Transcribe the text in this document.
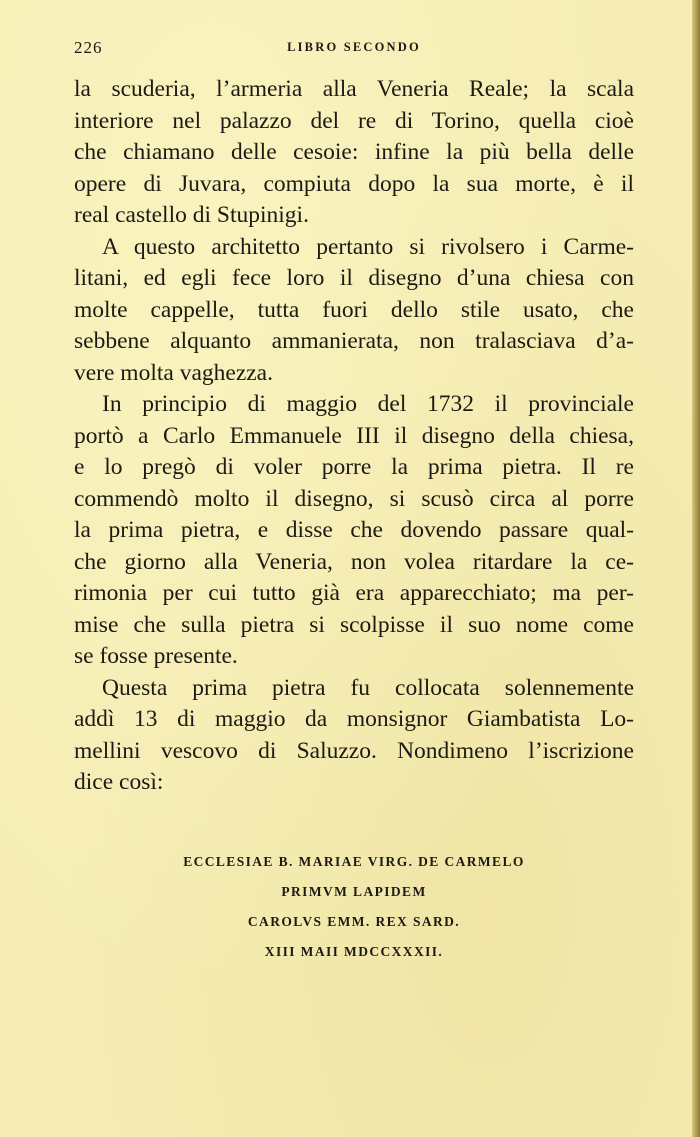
226	LIBRO SECONDO
la scuderia, l’armeria alla Veneria Reale; la scala
interiore nel palazzo del re di Torino, quella cioè
che chiamano delle cesoie: infine la più bella delle
opere di Juvara, compiuta dopo la sua morte, è il
real castello di Stupinigi.
A questo architetto pertanto si rivolsero i Carme-
litani, ed egli fece loro il disegno d’una chiesa con
molte cappelle, tutta fuori dello stile usato, che
sebbene alquanto ammanierata, non tralasciava d’a-
vere molta vaghezza.
In principio di maggio del 1732 il provinciale
portò a Carlo Emmanuele III il disegno della chiesa,
e lo pregò di voler porre la prima pietra. Il re
commendò molto il disegno, si scusò circa al porre
la prima pietra, e disse che dovendo passare qual-
che giorno alla Veneria, non volea ritardare la ce-
rimonia per cui tutto già era apparecchiato; ma per-
mise che sulla pietra si scolpisse il suo nome come
se fosse presente.
Questa prima pietra fu collocata solennemente
addì 13 di maggio da monsignor Giambatista Lo-
mellini vescovo di Saluzzo. Nondimeno l’iscrizione
dice così:
ECCLESIAE B. MARIAE VIRG. DE CARMELO
PRIMVM LAPIDEM
CAROLVS EMM. REX SARD.
XIII MAII MDCCXXXII.
